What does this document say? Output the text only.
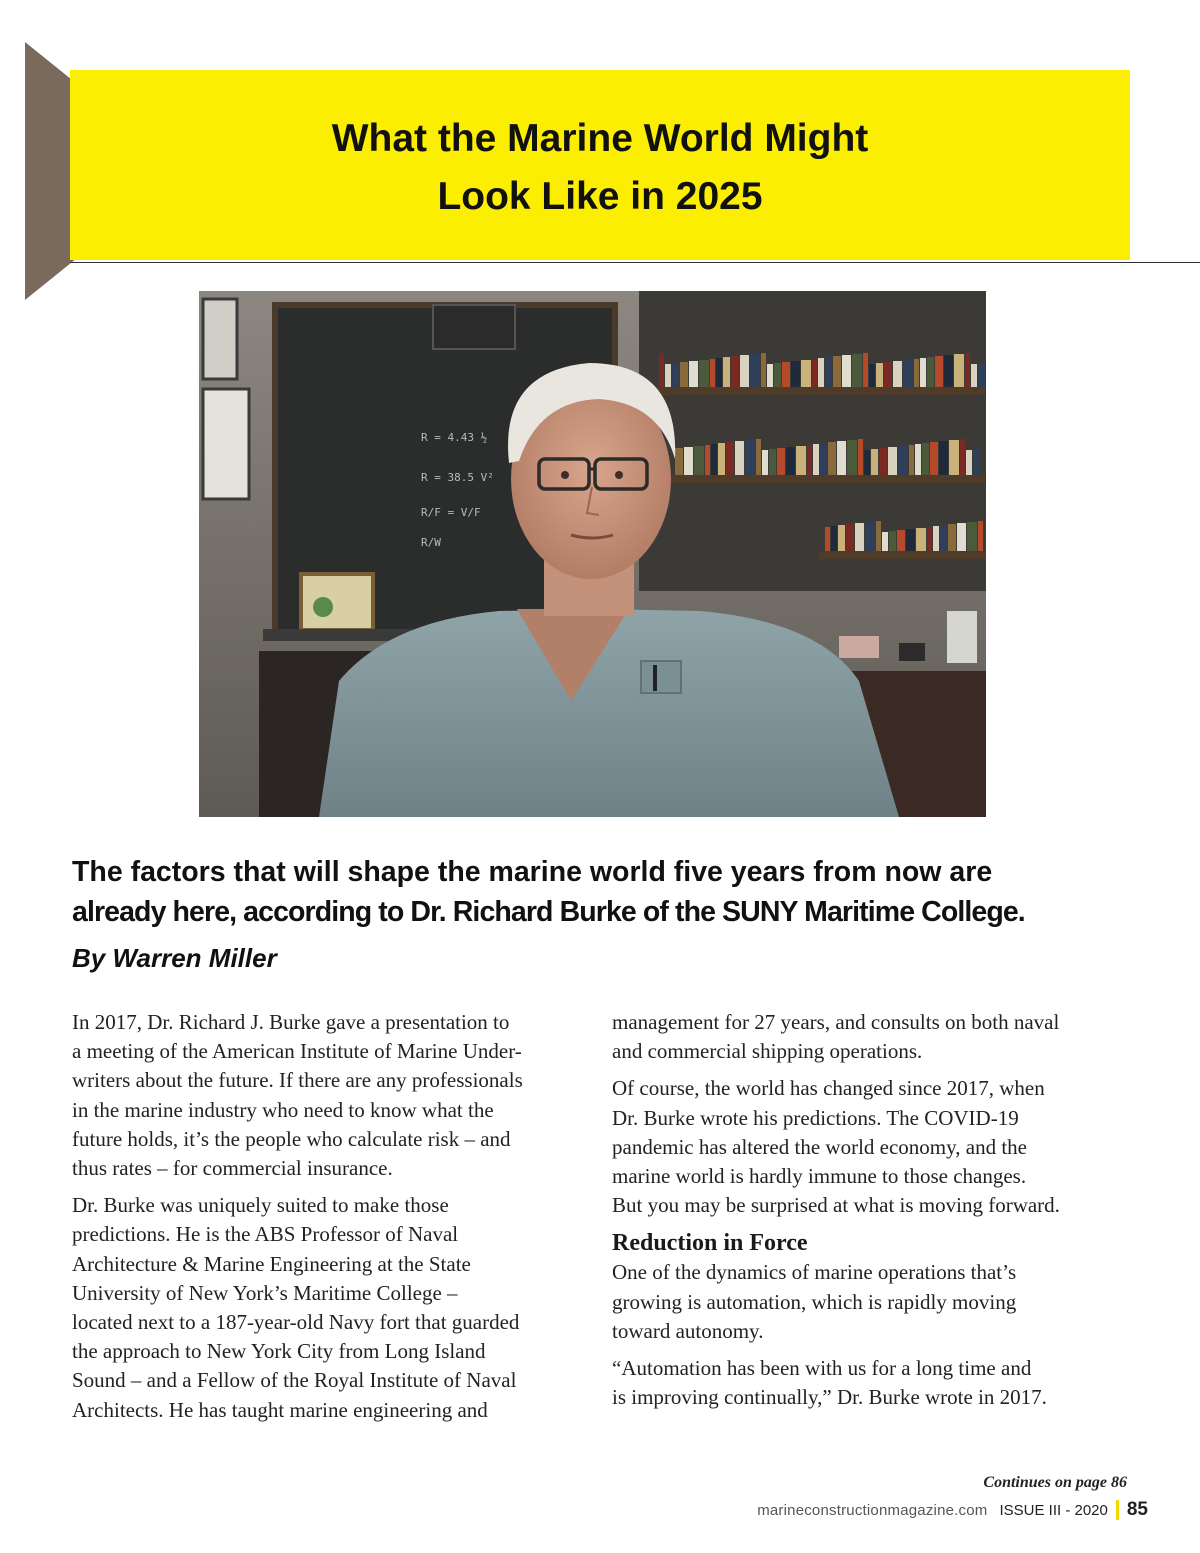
What the Marine World Might
Look Like in 2025
R = 4.43 ½
R = 38.5 V²
R/F = V/F
R/W
The factors that will shape the marine world five years from now are
already here, according to Dr. Richard Burke of the SUNY Maritime College.
By Warren Miller

In 2017, Dr. Richard J. Burke gave a presentation to
a meeting of the American Institute of Marine Under-
writers about the future. If there are any professionals
in the marine industry who need to know what the
future holds, it’s the people who calculate risk – and
thus rates – for commercial insurance.

Dr. Burke was uniquely suited to make those
predictions. He is the ABS Professor of Naval
Architecture & Marine Engineering at the State
University of New York’s Maritime College –
located next to a 187-year-old Navy fort that guarded
the approach to New York City from Long Island
Sound – and a Fellow of the Royal Institute of Naval
Architects. He has taught marine engineering and

management for 27 years, and consults on both naval
and commercial shipping operations.

Of course, the world has changed since 2017, when
Dr. Burke wrote his predictions. The COVID-19
pandemic has altered the world economy, and the
marine world is hardly immune to those changes.
But you may be surprised at what is moving forward.

Reduction in Force

One of the dynamics of marine operations that’s
growing is automation, which is rapidly moving
toward autonomy.

“Automation has been with us for a long time and
is improving continually,” Dr. Burke wrote in 2017.

Continues on page 86
marineconstructionmagazine.com ISSUE III - 2020 85
